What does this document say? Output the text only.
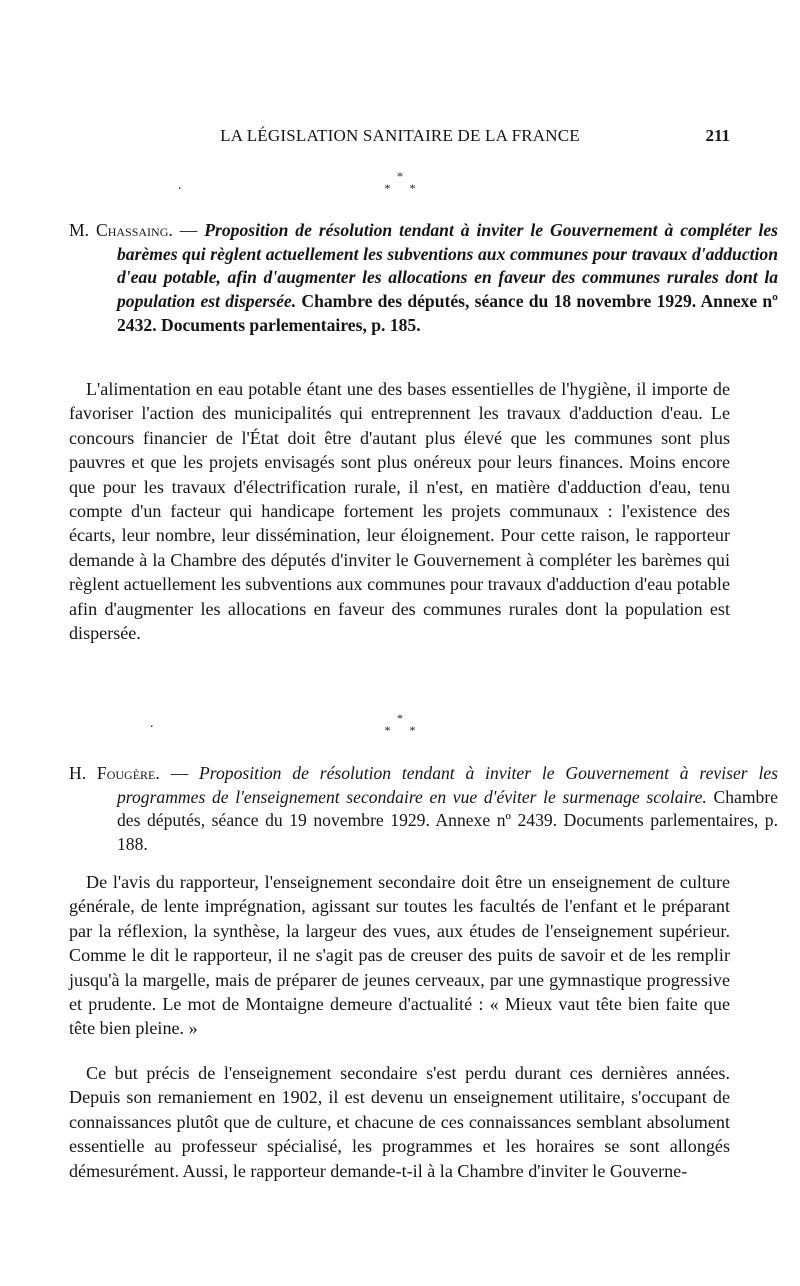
LA LÉGISLATION SANITAIRE DE LA FRANCE	211
*
* *
.
M. Chassaing. — Proposition de résolution tendant à inviter le Gouvernement à compléter les barèmes qui règlent actuellement les subventions aux communes pour travaux d'adduction d'eau potable, afin d'augmenter les allocations en faveur des communes rurales dont la population est dispersée. Chambre des députés, séance du 18 novembre 1929. Annexe nº 2432. Documents parlementaires, p. 185.

L'alimentation en eau potable étant une des bases essentielles de l'hygiène, il importe de favoriser l'action des municipalités qui entreprennent les travaux d'adduction d'eau. Le concours financier de l'État doit être d'autant plus élevé que les communes sont plus pauvres et que les projets envisagés sont plus onéreux pour leurs finances. Moins encore que pour les travaux d'électrification rurale, il n'est, en matière d'adduction d'eau, tenu compte d'un facteur qui handicape fortement les projets communaux : l'existence des écarts, leur nombre, leur dissémination, leur éloignement. Pour cette raison, le rapporteur demande à la Chambre des députés d'inviter le Gouvernement à compléter les barèmes qui règlent actuellement les subventions aux communes pour travaux d'adduction d'eau potable afin d'augmenter les allocations en faveur des communes rurales dont la population est dispersée.

*
* *
.
H. Fougère. — Proposition de résolution tendant à inviter le Gouvernement à reviser les programmes de l'enseignement secondaire en vue d'éviter le surmenage scolaire. Chambre des députés, séance du 19 novembre 1929. Annexe nº 2439. Documents parlementaires, p. 188.

De l'avis du rapporteur, l'enseignement secondaire doit être un enseignement de culture générale, de lente imprégnation, agissant sur toutes les facultés de l'enfant et le préparant par la réflexion, la synthèse, la largeur des vues, aux études de l'enseignement supérieur. Comme le dit le rapporteur, il ne s'agit pas de creuser des puits de savoir et de les remplir jusqu'à la margelle, mais de préparer de jeunes cerveaux, par une gymnastique progressive et prudente. Le mot de Montaigne demeure d'actualité : « Mieux vaut tête bien faite que tête bien pleine. »

Ce but précis de l'enseignement secondaire s'est perdu durant ces dernières années. Depuis son remaniement en 1902, il est devenu un enseignement utilitaire, s'occupant de connaissances plutôt que de culture, et chacune de ces connaissances semblant absolument essentielle au professeur spécialisé, les programmes et les horaires se sont allongés démesurément. Aussi, le rapporteur demande-t-il à la Chambre d'inviter le Gouverne-
